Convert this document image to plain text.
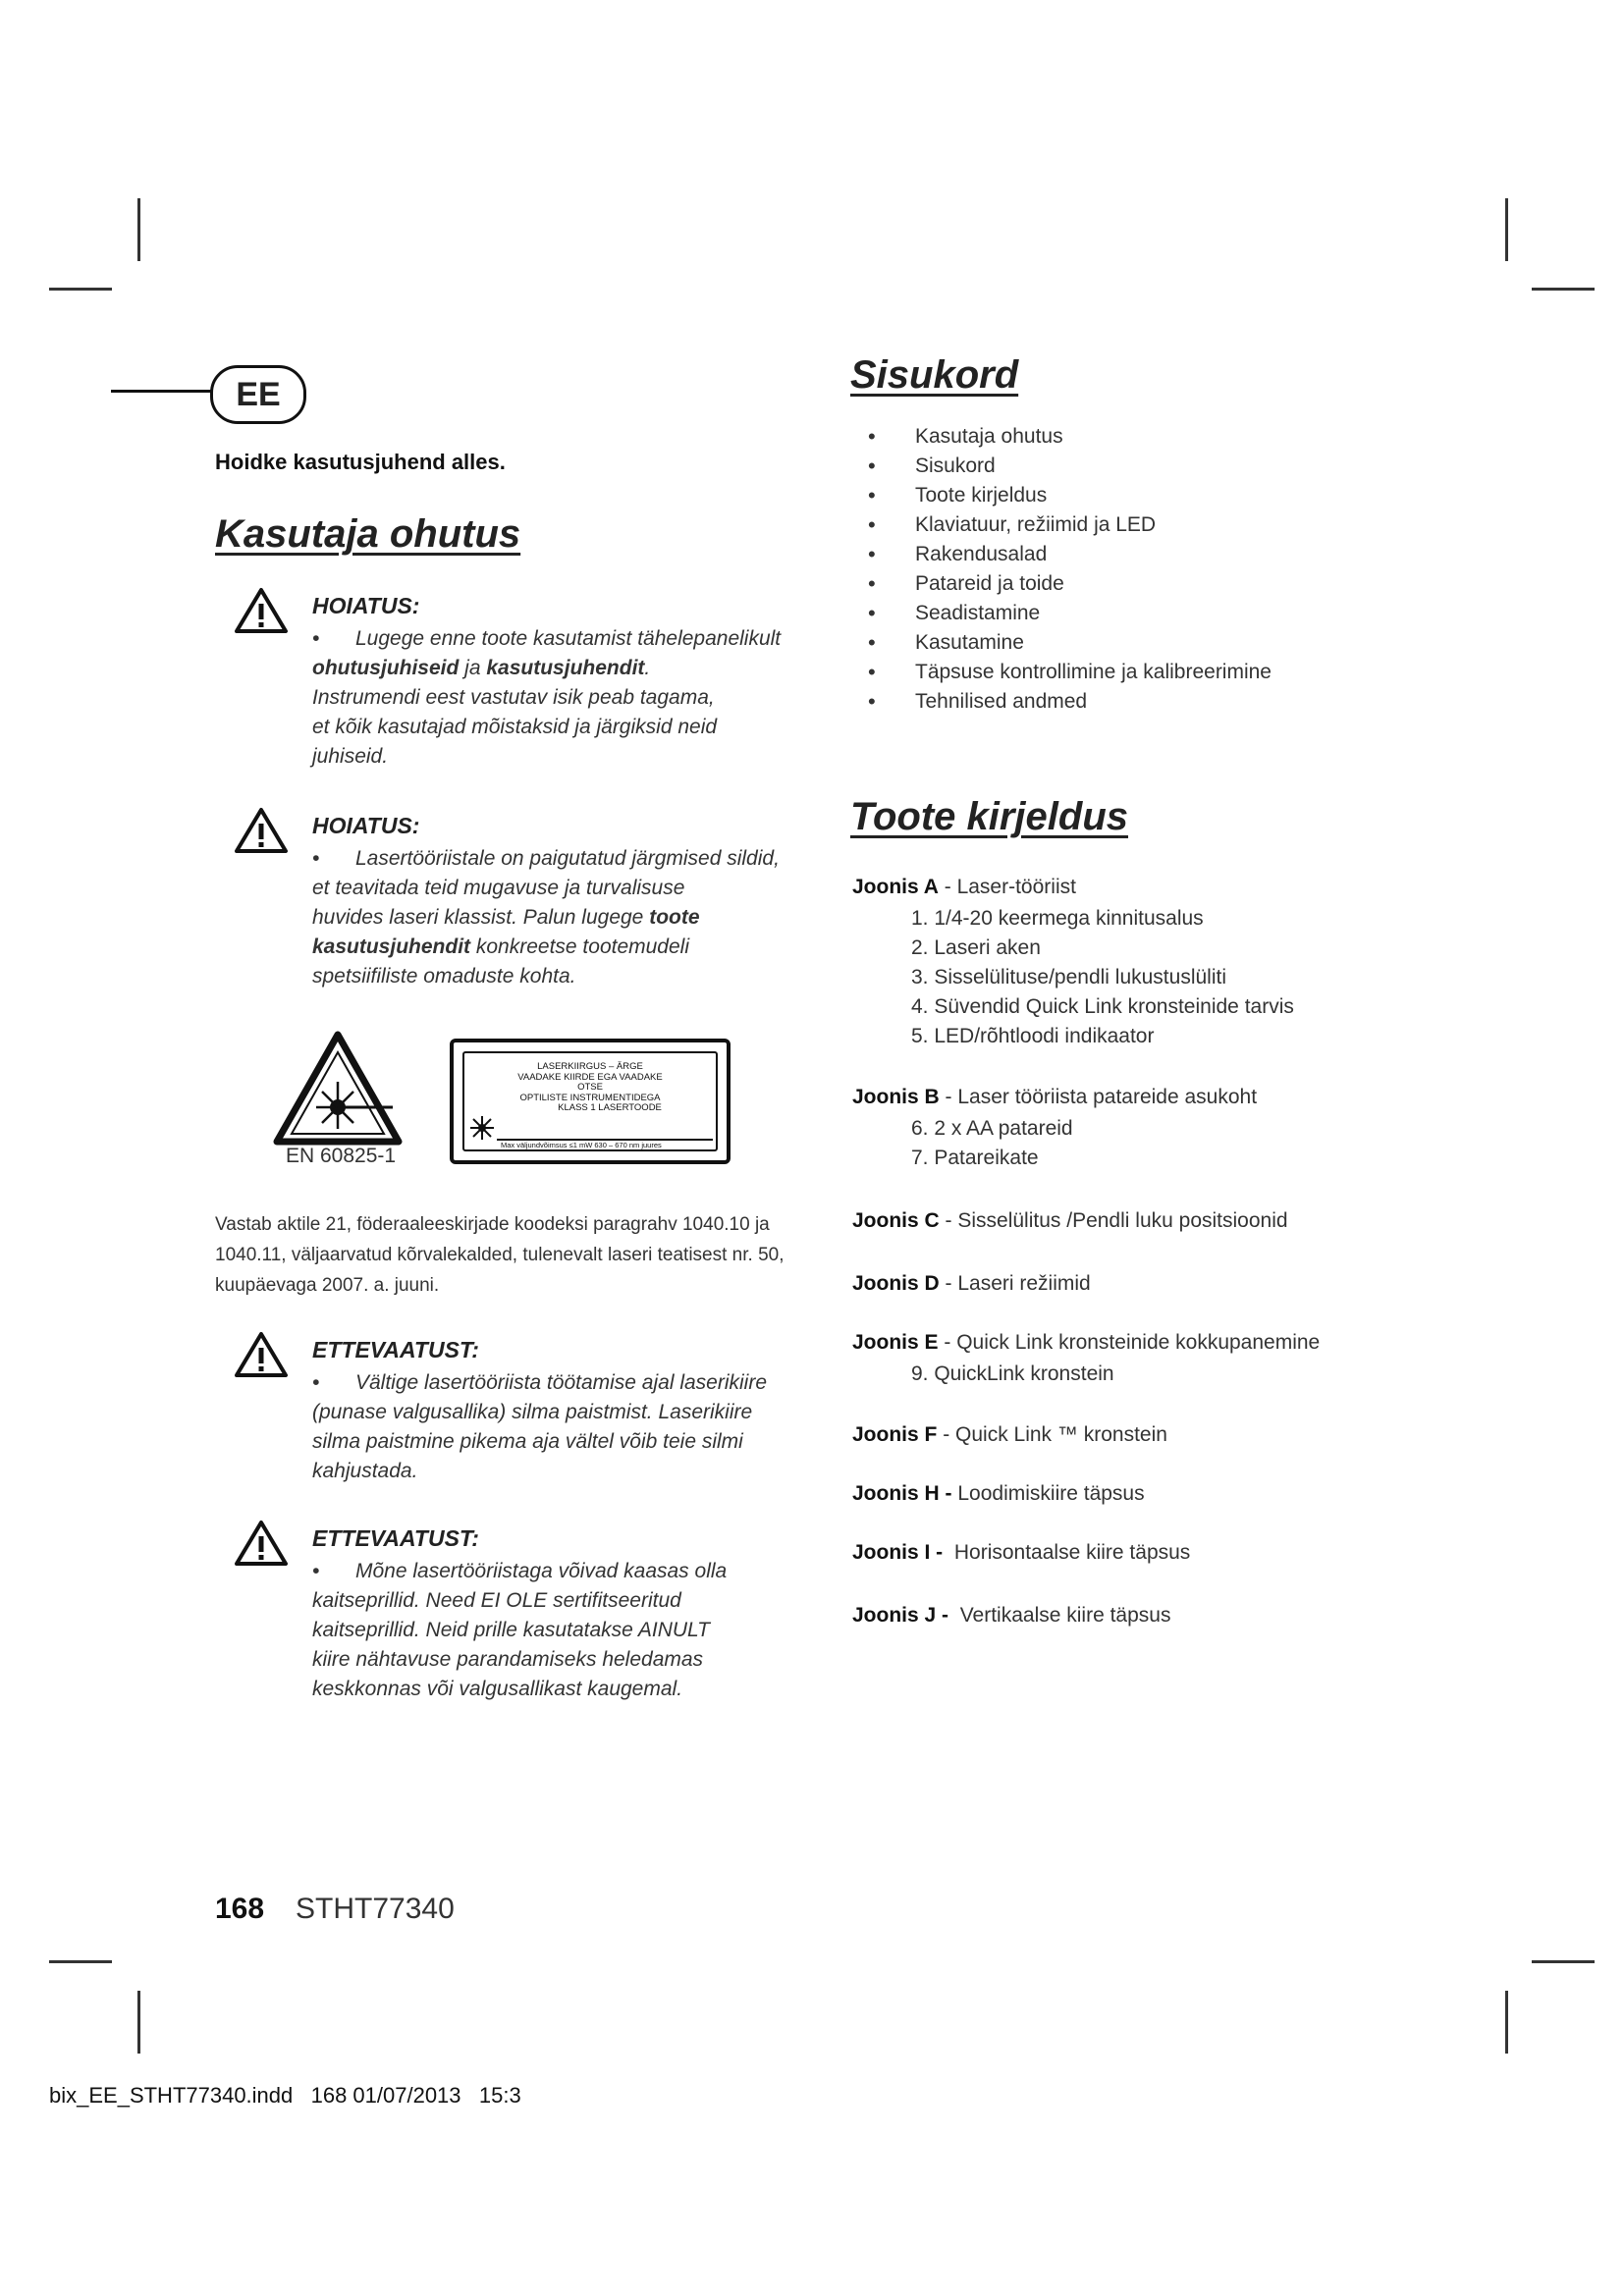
EE
Hoidke kasutusjuhend alles.
Kasutaja ohutus
HOIATUS:
• Lugege enne toote kasutamist tähelepanelikult
ohutusjuhiseid ja kasutusjuhendit.
Instrumendi eest vastutav isik peab tagama,
et kõik kasutajad mõistaksid ja järgiksid neid
juhiseid.
HOIATUS:
• Lasertööriistale on paigutatud järgmised sildid,
et teavitada teid mugavuse ja turvalisuse
huvides laseri klassist. Palun lugege toote
kasutusjuhendit konkreetse tootemudeli
spetsiifiliste omaduste kohta.
EN 60825-1
LASERKIIRGUS – ÄRGE
VAADAKE KIIRDE EGA VAADAKE
OTSE
OPTILISTE INSTRUMENTIDEGA
KLASS 1 LASERTOODE
Max väljundvõimsus ≤1 mW 630 – 670 nm juures
Vastab aktile 21, föderaaleeskirjade koodeksi paragrahv 1040.10 ja
1040.11, väljaarvatud kõrvalekalded, tulenevalt laseri teatisest nr. 50,
kuupäevaga 2007. a. juuni.
ETTEVAATUST:
• Vältige lasertööriista töötamise ajal laserikiire
(punase valgusallika) silma paistmist. Laserikiire
silma paistmine pikema aja vältel võib teie silmi
kahjustada.
ETTEVAATUST:
• Mõne lasertööriistaga võivad kaasas olla
kaitseprillid. Need EI OLE sertifitseeritud
kaitseprillid. Neid prille kasutatakse AINULT
kiire nähtavuse parandamiseks heledamas
keskkonnas või valgusallikast kaugemal.
Sisukord
• Kasutaja ohutus
• Sisukord
• Toote kirjeldus
• Klaviatuur, režiimid ja LED
• Rakendusalad
• Patareid ja toide
• Seadistamine
• Kasutamine
• Täpsuse kontrollimine ja kalibreerimine
• Tehnilised andmed
Toote kirjeldus
Joonis A - Laser-tööriist
1. 1/4-20 keermega kinnitusalus
2. Laseri aken
3. Sisselülituse/pendli lukustuslüliti
4. Süvendid Quick Link kronsteinide tarvis
5. LED/rõhtloodi indikaator
Joonis B - Laser tööriista patareide asukoht
6. 2 x AA patareid
7. Patareikate
Joonis C - Sisselülitus /Pendli luku positsioonid
Joonis D - Laseri režiimid
Joonis E - Quick Link kronsteinide kokkupanemine
9. QuickLink kronstein
Joonis F - Quick Link ™ kronstein
Joonis H - Loodimiskiire täpsus
Joonis I - Horisontaalse kiire täpsus
Joonis J - Vertikaalse kiire täpsus
168 STHT77340
bix_EE_STHT77340.indd   168 01/07/2013   15:3
